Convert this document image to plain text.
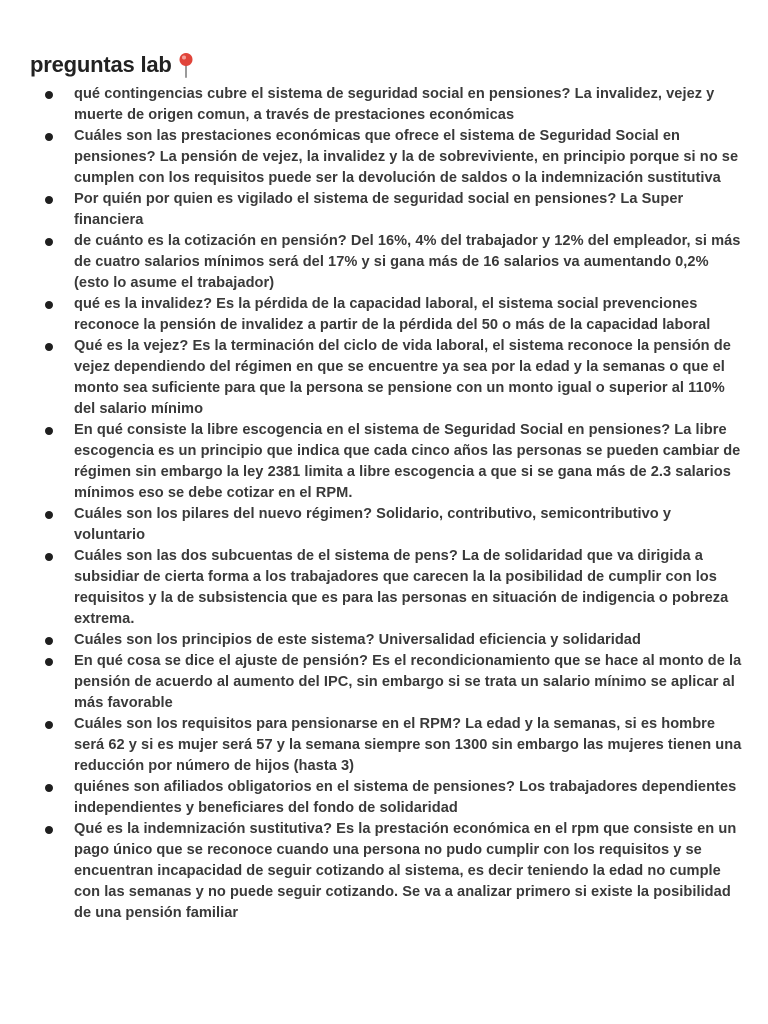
preguntas lab
qué contingencias cubre el sistema de seguridad social en pensiones? La invalidez, vejez y muerte de origen comun, a través de prestaciones económicas
Cuáles son las prestaciones económicas que ofrece el sistema de Seguridad Social en pensiones? La pensión de vejez, la invalidez y la de sobreviviente, en principio porque si no se cumplen con los requisitos puede ser la devolución de saldos o la indemnización sustitutiva
Por quién por quien es vigilado el sistema de seguridad social en pensiones? La Super financiera
de cuánto es la cotización en pensión? Del 16%, 4% del trabajador y 12% del empleador, si más de cuatro salarios mínimos será del 17% y si gana más de 16 salarios va aumentando 0,2% (esto lo asume el trabajador)
qué es la invalidez? Es la pérdida de la capacidad laboral, el sistema social prevenciones reconoce la pensión de invalidez a partir de la pérdida del 50 o más de la capacidad laboral
Qué es la vejez? Es la terminación del ciclo de vida laboral, el sistema reconoce la pensión de vejez dependiendo del régimen en que se encuentre ya sea por la edad y la semanas o que el monto sea suficiente para que la persona se pensione con un monto igual o superior al 110% del salario mínimo
En qué consiste la libre escogencia en el sistema de Seguridad Social en pensiones? La libre escogencia es un principio que indica que cada cinco años las personas se pueden cambiar de régimen sin embargo la ley 2381 limita a libre escogencia a que si se gana más de 2.3 salarios mínimos eso se debe cotizar en el RPM.
Cuáles son los pilares del nuevo régimen? Solidario, contributivo, semicontributivo y voluntario
Cuáles son las dos subcuentas de el sistema de pens? La de solidaridad que va dirigida a subsidiar de cierta forma a los trabajadores que carecen la la posibilidad de cumplir con los requisitos y la de subsistencia que es para las personas en situación de indigencia o pobreza extrema.
Cuáles son los principios de este sistema? Universalidad eficiencia y solidaridad
En qué cosa se dice el ajuste de pensión? Es el recondicionamiento que se hace al monto de la pensión de acuerdo al aumento del IPC, sin embargo si se trata un salario mínimo se aplicar al más favorable
Cuáles son los requisitos para pensionarse en el RPM? La edad y la semanas, si es hombre será 62 y si es mujer será 57 y la semana siempre son 1300 sin embargo las mujeres tienen una reducción por número de hijos (hasta 3)
quiénes son afiliados obligatorios en el sistema de pensiones? Los trabajadores dependientes independientes y beneficiares del fondo de solidaridad
Qué es la indemnización sustitutiva? Es la prestación económica en el rpm que consiste en un pago único que se reconoce cuando una persona no pudo cumplir con los requisitos y se encuentran incapacidad de seguir cotizando al sistema, es decir teniendo la edad no cumple con las semanas y no puede seguir cotizando. Se va a analizar primero si existe la posibilidad de una pensión familiar
